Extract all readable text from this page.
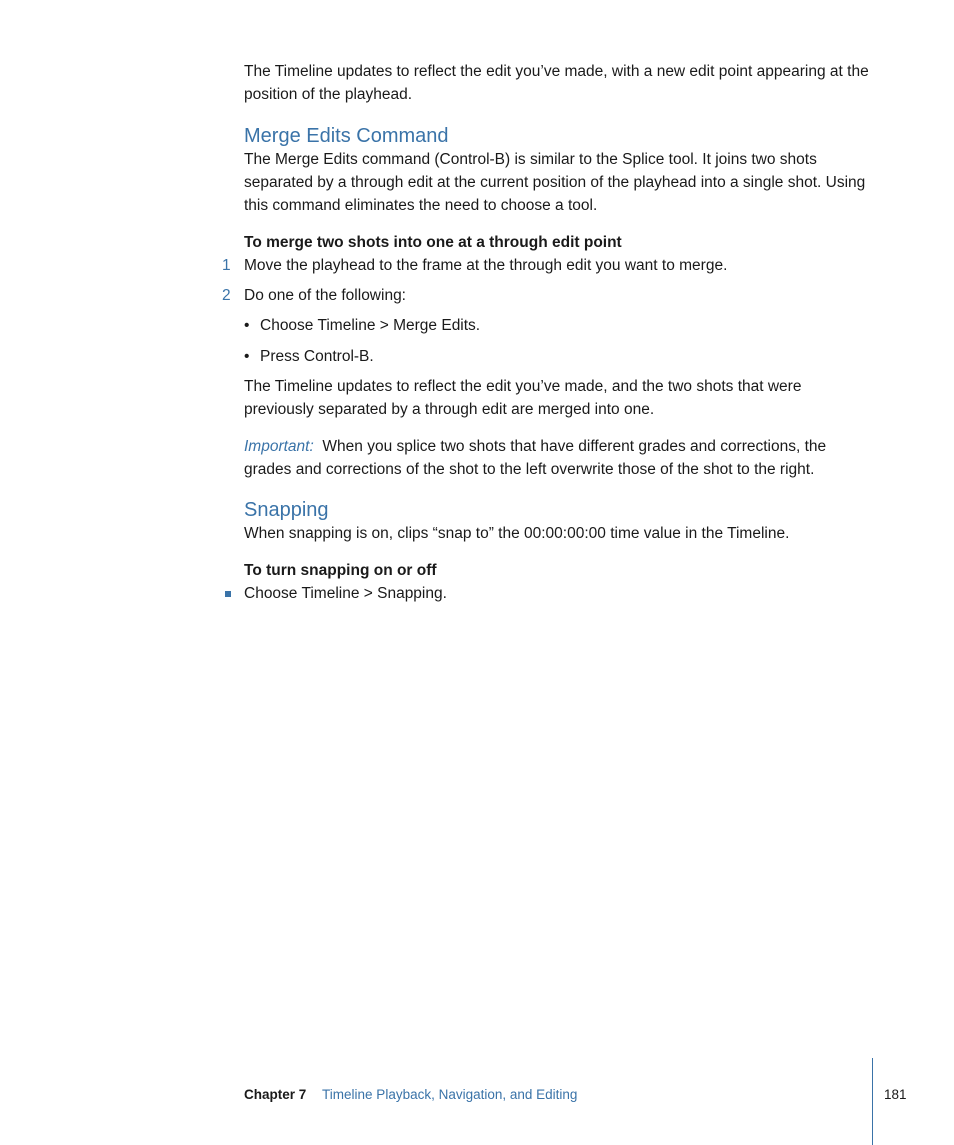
The Timeline updates to reflect the edit you’ve made, with a new edit point appearing at the position of the playhead.

Merge Edits Command

The Merge Edits command (Control-B) is similar to the Splice tool. It joins two shots separated by a through edit at the current position of the playhead into a single shot. Using this command eliminates the need to choose a tool.

To merge two shots into one at a through edit point

1 Move the playhead to the frame at the through edit you want to merge.
2 Do one of the following:
• Choose Timeline > Merge Edits.
• Press Control-B.

The Timeline updates to reflect the edit you’ve made, and the two shots that were previously separated by a through edit are merged into one.

Important: When you splice two shots that have different grades and corrections, the grades and corrections of the shot to the left overwrite those of the shot to the right.

Snapping

When snapping is on, clips “snap to” the 00:00:00:00 time value in the Timeline.

To turn snapping on or off

Choose Timeline > Snapping.
Chapter 7 Timeline Playback, Navigation, and Editing	181
